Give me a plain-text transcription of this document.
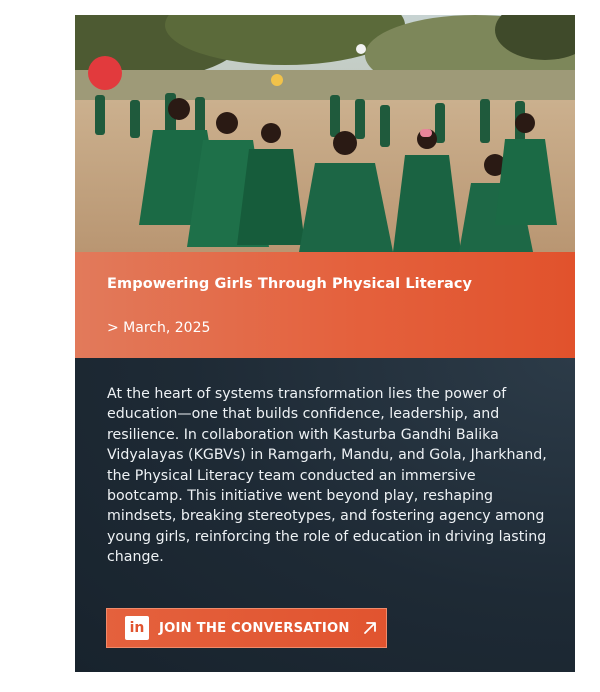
Empowering Girls Through Physical Literacy
> March, 2025
At the heart of systems transformation lies the power of education—one that builds confidence, leadership, and resilience. In collaboration with Kasturba Gandhi Balika Vidyalayas (KGBVs) in Ramgarh, Mandu, and Gola, Jharkhand, the Physical Literacy team conducted an immersive bootcamp. This initiative went beyond play, reshaping mindsets, breaking stereotypes, and fostering agency among young girls, reinforcing the role of education in driving lasting change.
in	JOIN THE CONVERSATION
